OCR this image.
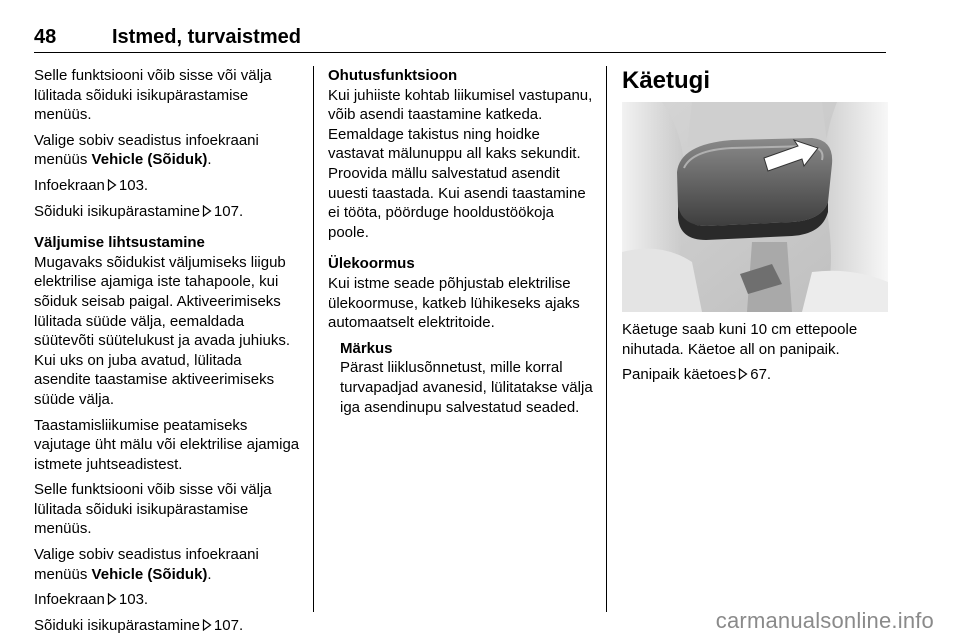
48	Istmed, turvaistmed

Selle funktsiooni võib sisse või välja lülitada sõiduki isikupärastamise menüüs.

Valige sobiv seadistus infoekraani menüüs Vehicle (Sõiduk).

Infoekraan 103.

Sõiduki isikupärastamine 107.

Väljumise lihtsustamine

Mugavaks sõidukist väljumiseks liigub elektrilise ajamiga iste tahapoole, kui sõiduk seisab paigal. Aktiveerimiseks lülitada süüde välja, eemaldada süütevõti süütelukust ja avada juhiuks. Kui uks on juba avatud, lülitada asendite taastamise aktiveerimiseks süüde välja.

Taastamisliikumise peatamiseks vajutage üht mälu või elektrilise ajamiga istmete juhtseadistest.

Selle funktsiooni võib sisse või välja lülitada sõiduki isikupärastamise menüüs.

Valige sobiv seadistus infoekraani menüüs Vehicle (Sõiduk).

Infoekraan 103.

Sõiduki isikupärastamine 107.

Ohutusfunktsioon

Kui juhiiste kohtab liikumisel vastupanu, võib asendi taastamine katkeda. Eemaldage takistus ning hoidke vastavat mälunuppu all kaks sekundit. Proovida mällu salvestatud asendit uuesti taastada. Kui asendi taastamine ei tööta, pöörduge hooldustöökoja poole.

Ülekoormus

Kui istme seade põhjustab elektrilise ülekoormuse, katkeb lühikeseks ajaks automaatselt elektritoide.

Märkus

Pärast liiklusõnnetust, mille korral turvapadjad avanesid, lülitatakse välja iga asendinupu salvestatud seaded.

Käetugi

Käetuge saab kuni 10 cm ettepoole nihutada. Käetoe all on panipaik.

Panipaik käetoes 67.

carmanualsonline.info
